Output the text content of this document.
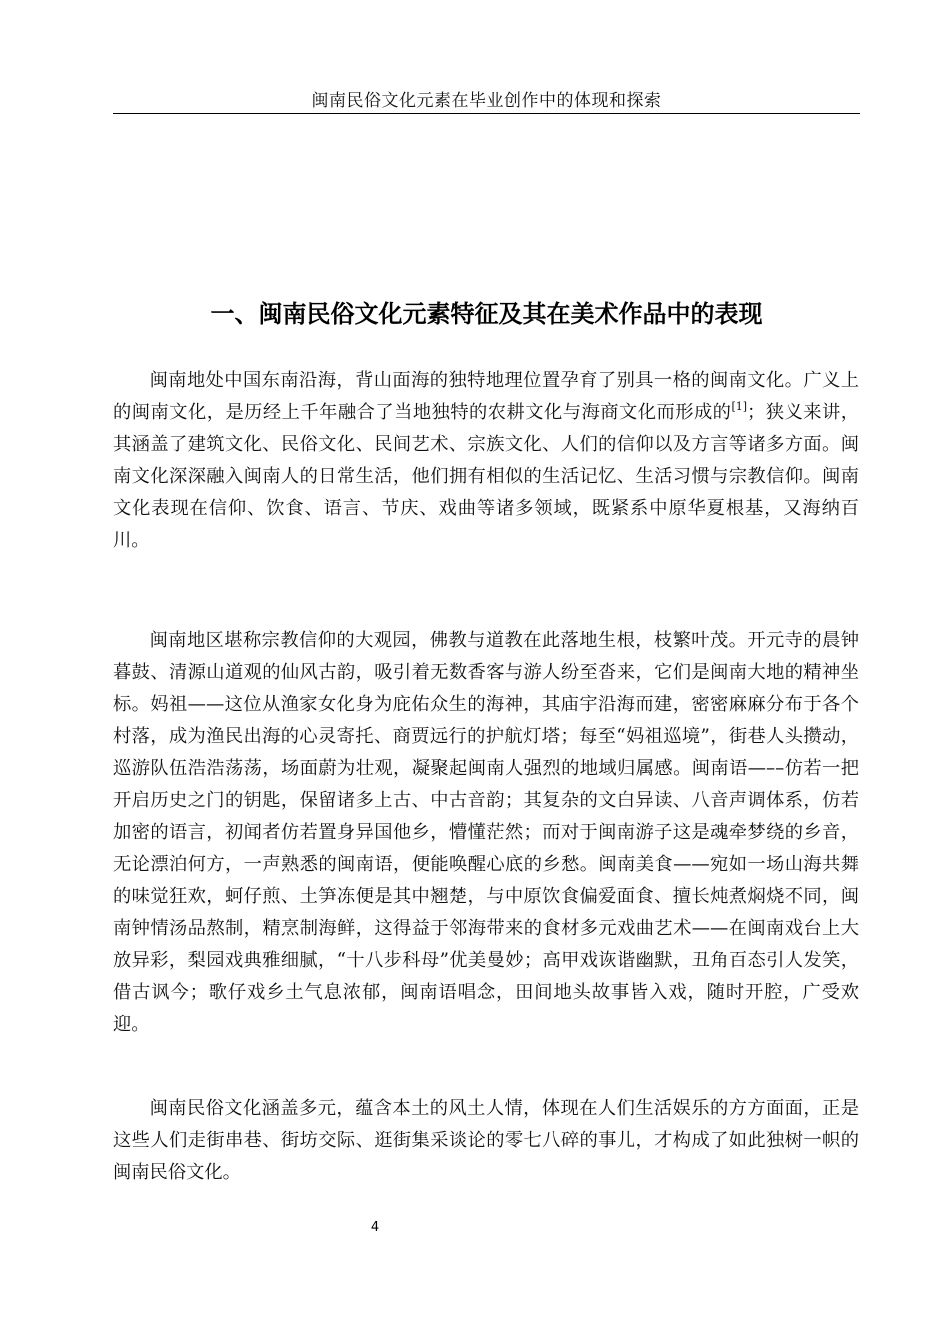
闽南民俗文化元素在毕业创作中的体现和探索
一、闽南民俗文化元素特征及其在美术作品中的表现

闽南地处中国东南沿海，背山面海的独特地理位置孕育了别具一格的闽南文化。广义上的闽南文化，是历经上千年融合了当地独特的农耕文化与海商文化而形成的[1]；狭义来讲，其涵盖了建筑文化、民俗文化、民间艺术、宗族文化、人们的信仰以及方言等诸多方面。闽南文化深深融入闽南人的日常生活，他们拥有相似的生活记忆、生活习惯与宗教信仰。闽南文化表现在信仰、饮食、语言、节庆、戏曲等诸多领域，既紧系中原华夏根基，又海纳百川。

闽南地区堪称宗教信仰的大观园，佛教与道教在此落地生根，枝繁叶茂。开元寺的晨钟暮鼓、清源山道观的仙风古韵，吸引着无数香客与游人纷至沓来，它们是闽南大地的精神坐标。妈祖——这位从渔家女化身为庇佑众生的海神，其庙宇沿海而建，密密麻麻分布于各个村落，成为渔民出海的心灵寄托、商贾远行的护航灯塔；每至“妈祖巡境”，街巷人头攒动，巡游队伍浩浩荡荡，场面蔚为壮观，凝聚起闽南人强烈的地域归属感。闽南语—––仿若一把开启历史之门的钥匙，保留诸多上古、中古音韵；其复杂的文白异读、八音声调体系，仿若加密的语言，初闻者仿若置身异国他乡，懵懂茫然；而对于闽南游子这是魂牵梦绕的乡音，无论漂泊何方，一声熟悉的闽南语，便能唤醒心底的乡愁。闽南美食——宛如一场山海共舞的味觉狂欢，蚵仔煎、土笋冻便是其中翘楚，与中原饮食偏爱面食、擅长炖煮焖烧不同，闽南钟情汤品熬制，精烹制海鲜，这得益于邻海带来的食材多元戏曲艺术——在闽南戏台上大放异彩，梨园戏典雅细腻，“十八步科母”优美曼妙；高甲戏诙谐幽默，丑角百态引人发笑，借古讽今；歌仔戏乡土气息浓郁，闽南语唱念，田间地头故事皆入戏，随时开腔，广受欢迎。

闽南民俗文化涵盖多元，蕴含本土的风土人情，体现在人们生活娱乐的方方面面，正是这些人们走街串巷、街坊交际、逛街集采谈论的零七八碎的事儿，才构成了如此独树一帜的闽南民俗文化。

4
